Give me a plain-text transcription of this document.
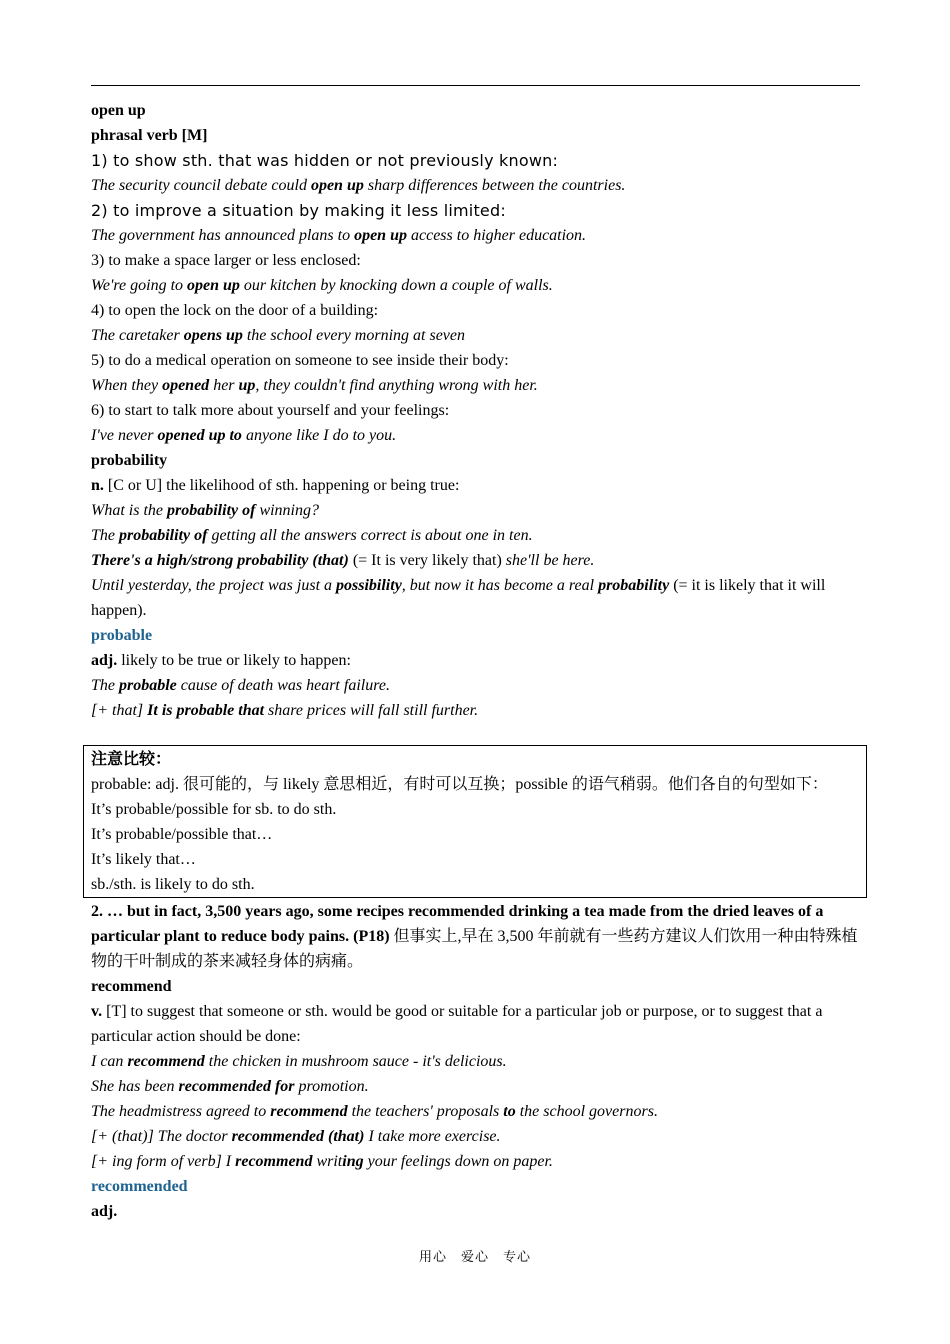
open up

phrasal verb [M]

1) to show sth. that was hidden or not previously known:

The security council debate could open up sharp differences between the countries.

2) to improve a situation by making it less limited:

The government has announced plans to open up access to higher education.

3) to make a space larger or less enclosed:

We're going to open up our kitchen by knocking down a couple of walls.

4) to open the lock on the door of a building:

The caretaker opens up the school every morning at seven

5) to do a medical operation on someone to see inside their body:

When they opened her up, they couldn't find anything wrong with her.

6) to start to talk more about yourself and your feelings:

I've never opened up to anyone like I do to you.

probability

n. [C or U] the likelihood of sth. happening or being true:

What is the probability of winning?

The probability of getting all the answers correct is about one in ten.

There's a high/strong probability (that) (= It is very likely that) she'll be here.

Until yesterday, the project was just a possibility, but now it has become a real probability (= it is likely that it will happen).

probable

adj. likely to be true or likely to happen:

The probable cause of death was heart failure.

[+ that] It is probable that share prices will fall still further.

注意比较：

probable: adj. 很可能的，与 likely 意思相近，有时可以互换；possible 的语气稍弱。他们各自的句型如下：

It’s probable/possible for sb. to do sth.

It’s probable/possible that…

It’s likely that…

sb./sth. is likely to do sth.

2. … but in fact, 3,500 years ago, some recipes recommended drinking a tea made from the dried leaves of a particular plant to reduce body pains. (P18) 但事实上,早在 3,500 年前就有一些药方建议人们饮用一种由特殊植物的干叶制成的茶来减轻身体的病痛。

recommend

v. [T] to suggest that someone or sth. would be good or suitable for a particular job or purpose, or to suggest that a particular action should be done:

I can recommend the chicken in mushroom sauce - it's delicious.

She has been recommended for promotion.

The headmistress agreed to recommend the teachers' proposals to the school governors.

[+ (that)] The doctor recommended (that) I take more exercise.

[+ ing form of verb] I recommend writing your feelings down on paper.

recommended

adj.

用心　爱心　专心
